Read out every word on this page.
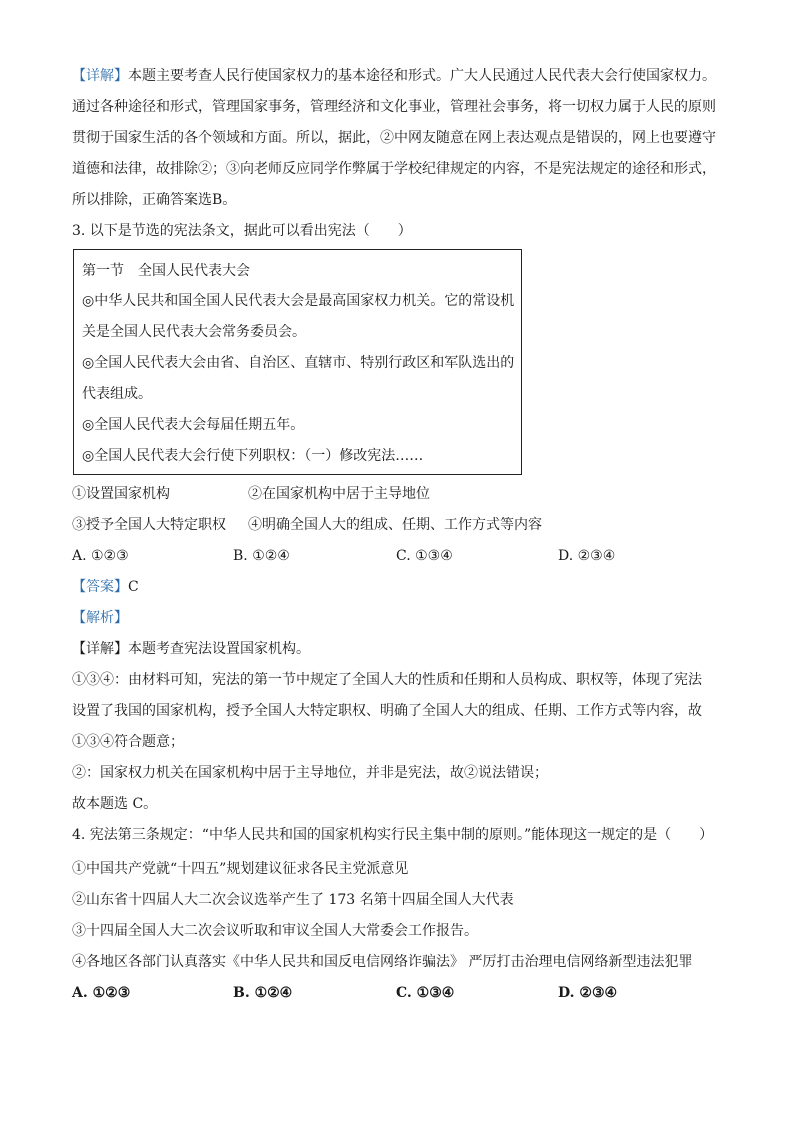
【详解】本题主要考查人民行使国家权力的基本途径和形式。广大人民通过人民代表大会行使国家权力。
通过各种途径和形式，管理国家事务，管理经济和文化事业，管理社会事务，将一切权力属于人民的原则
贯彻于国家生活的各个领域和方面。所以，据此，②中网友随意在网上表达观点是错误的，网上也要遵守
道德和法律，故排除②；③向老师反应同学作弊属于学校纪律规定的内容，不是宪法规定的途径和形式，
所以排除，正确答案选B。
3. 以下是节选的宪法条文，据此可以看出宪法（　　）
第一节　全国人民代表大会
◎中华人民共和国全国人民代表大会是最高国家权力机关。它的常设机
关是全国人民代表大会常务委员会。
◎全国人民代表大会由省、自治区、直辖市、特别行政区和军队选出的
代表组成。
◎全国人民代表大会每届任期五年。
◎全国人民代表大会行使下列职权：（一）修改宪法……
①设置国家机构	②在国家机构中居于主导地位
③授予全国人大特定职权 ④明确全国人大的组成、任期、工作方式等内容
A. ①②③	B. ①②④	C. ①③④	D. ②③④
【答案】C
【解析】
【详解】本题考查宪法设置国家机构。
①③④：由材料可知，宪法的第一节中规定了全国人大的性质和任期和人员构成、职权等，体现了宪法
设置了我国的国家机构，授予全国人大特定职权、明确了全国人大的组成、任期、工作方式等内容，故
①③④符合题意；
②：国家权力机关在国家机构中居于主导地位，并非是宪法，故②说法错误；
故本题选 C。
4. 宪法第三条规定：“中华人民共和国的国家机构实行民主集中制的原则。”能体现这一规定的是（　　）
①中国共产党就“十四五”规划建议征求各民主党派意见
②山东省十四届人大二次会议选举产生了 173 名第十四届全国人大代表
③十四届全国人大二次会议听取和审议全国人大常委会工作报告。
④各地区各部门认真落实《中华人民共和国反电信网络诈骗法》 严厉打击治理电信网络新型违法犯罪
A. ①②③	B. ①②④	C. ①③④	D. ②③④
